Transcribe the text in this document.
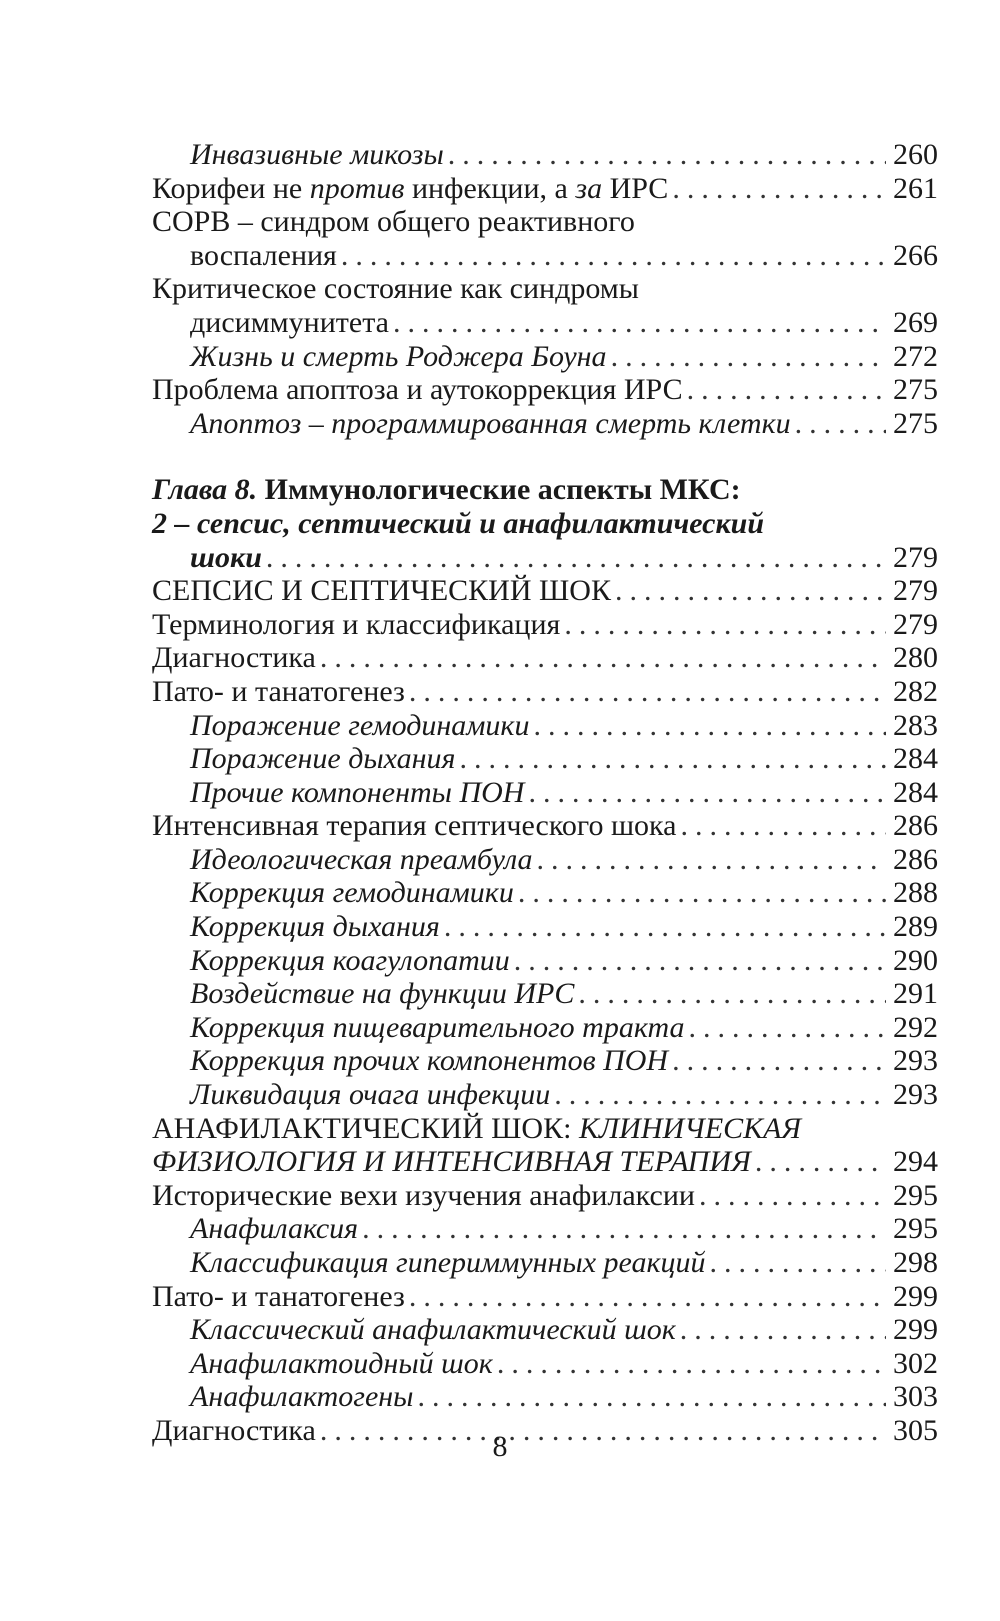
Инвазивные микозы .....	260
Корифеи не против инфекции, а за ИРС .....	261
СОРВ – синдром общего реактивного
воспаления .....	266
Критическое состояние как синдромы
дисиммунитета .....	269
Жизнь и смерть Роджера Боуна .....	272
Проблема апоптоза и аутокоррекция ИРС .....	275
Апоптоз – программированная смерть клетки .....	275
Глава 8. Иммунологические аспекты МКС:
2 – сепсис, септический и анафилактический
шоки .....	279
СЕПСИС И СЕПТИЧЕСКИЙ ШОК .....	279
Терминология и классификация .....	279
Диагностика .....	280
Пато- и танатогенез .....	282
Поражение гемодинамики .....	283
Поражение дыхания .....	284
Прочие компоненты ПОН .....	284
Интенсивная терапия септического шока .....	286
Идеологическая преамбула .....	286
Коррекция гемодинамики .....	288
Коррекция дыхания .....	289
Коррекция коагулопатии .....	290
Воздействие на функции ИРС .....	291
Коррекция пищеварительного тракта .....	292
Коррекция прочих компонентов ПОН .....	293
Ликвидация очага инфекции .....	293
АНАФИЛАКТИЧЕСКИЙ ШОК: КЛИНИЧЕСКАЯ
ФИЗИОЛОГИЯ И ИНТЕНСИВНАЯ ТЕРАПИЯ .....	294
Исторические вехи изучения анафилаксии .....	295
Анафилаксия .....	295
Классификация гипериммунных реакций .....	298
Пато- и танатогенез .....	299
Классический анафилактический шок .....	299
Анафилактоидный шок .....	302
Анафилактогены .....	303
Диагностика .....	305
8
